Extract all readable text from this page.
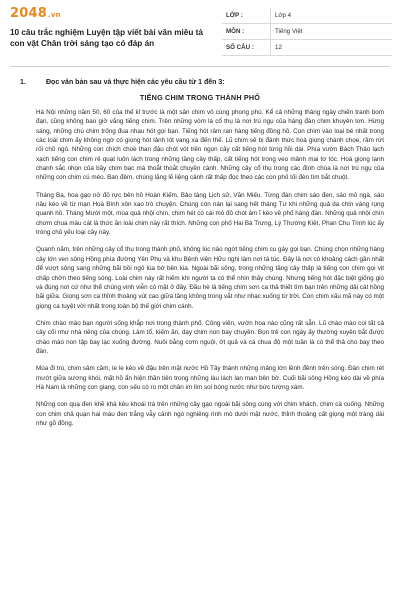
2048.vn
10 câu trắc nghiệm Luyện tập viết bài văn miêu tả con vật Chân trời sáng tạo có đáp án
LỚP :	Lớp 4
MÔN :	Tiếng Việt
SỐ CÂU :	12
1.	Đọc văn bản sau và thực hiện các yêu cầu từ 1 đến 3:
TIẾNG CHIM TRONG THÀNH PHỐ

Hà Nội những năm 50, 60 của thế kỉ trước là một sân chim vô cùng phong phú. Kể cả những tháng ngày chiến tranh bom đạn, cũng không bao giờ vắng tiếng chim. Trên những vòm lá cổ thụ là nơi trú ngụ của hàng đàn chim khuyên lơn. Hừng sáng, những chú chim trống đua nhau hót gọi bạn. Tiếng hót râm ran hàng tiếng đồng hồ. Con chim vào loại bé nhất trong các loài chim ấy không ngờ có giọng hót lảnh lót vang xa đến thế. Lũ chim sẻ bị đánh thức hoà giọng chành chọe, rầm rứt rối chồ ngủ. Những con chích choè than đậu chót vót trên ngọn cây cất tiếng hót từng hồi dài. Phía vườn Bách Thảo lạch xạch tiếng con chim rẻ quạt luôn lách trong những tầng cây thấp, cất tiếng hót trong veo mảnh mai tơ tóc. Hoà giọng lanh chanh sắc nhọn của bầy chim bạc má thoắt thoắt chuyền cành. Những cây cổ thụ trong các đình chùa là nơi trú ngụ của những con chim cú mèo. Ban đêm, chúng lặng lẽ liệng cánh rất thấp đọc theo các con phố tối đèn tìm bắt chuột.

Tháng Ba, hoa gạo nở đỏ rực bên hồ Hoàn Kiếm, Bảo tàng Lịch sử, Văn Miếu. Từng đàn chim sáo đen, sáo mỏ ngà, sáo nâu kéo về từ mạn Hoà Bình xôn xao trò chuyện. Chúng còn nán lại sang hết tháng Tư khi những quả da chín vàng rụng quanh hồ. Tháng Mười một, mùa quả nhội chín, chim hét có cái mỏ đỏ chót âm ĩ kéo về phố hàng đàn. Những quả nhội chín chơm chua màu cát là thức ăn loài chim này rất thích. Những con phố Hai Bà Trưng, Lý Thường Kiệt, Phan Chu Trinh lúc ấy tròng chủ yếu loại cây này.

Quanh năm, trên những cây cổ thụ trong thành phố, không lúc nào ngớt tiếng chim cu gáy gọi bạn. Chúng chọn những hàng cây lớn ven sông Hồng phía đường Yên Phụ và khu Bệnh viện Hữu nghị làm nơi tá túc. Đây là nơi có khoảng cách gần nhất để vượt sông sang những bãi bồi ngô lúa bờ bên kia. Ngoài bãi sông, trong những tầng cây thấp là tiếng con chim gọi vịt chấp chờn theo tiếng sóng. Loài chim này rất hiếm khi người ta có thể nhìn thấy chúng. Nhưng tiếng hót đặc biệt giống gió và đúng nơi cứ như thể chúng vinh viễn có mặt ở đây. Đầu hè là tiếng chim sơn ca thả thiết tìm bạn trên những dải cát hồng bãi giữa. Giọng sơn ca thỉnh thoảng vút cao giữa tầng không trong vắt như nhạc xuống từ trời. Con chim xấu mã này có một giọng ca tuyệt vời nhất trong toàn bộ thế giới chim cánh.

Chim chào mào bạn người sống khắp nơi trong thành phố. Công viên, vườn hoa nào cũng rất sẵn. Lũ chào mào coi tất cả cây cối như nhà riêng của chúng. Làm tổ, kiếm ăn, dạy chim non bay chuyền. Bọn trẻ con ngày ấy thường xuyên bắt được chào mào non tập bay lạc xuống đường. Nuôi bằng cơm nguội, ớt quả và cá chua độ một tuần là có thể thả cho bay theo đàn.

Mùa đi trú, chim sâm cầm, le le kéo về đậu trên mặt nước Hồ Tây thành những mảng lớn lềnh đềnh trên sóng. Đàn chim rét mướt giữa sương khói, mặt hồ ẩn hiện thần tiên trong những làu lách lan man bên bờ. Cuối bãi sông Hồng kéo dài về phía Hà Nam là những con giang, con sếu cò ro một chân im lìm soi bóng nước như bức tượng xám.

Những con quạ đen khề khà kêu khoái trá trên những cây gạo ngoài bãi sông cùng với chim khách, chim cà cuống. Những con chim chả quạn hai màu đen trắng vẫy cánh ngó nghiêng rình mò dưới mặt nước, thỉnh thoảng cất giọng một tràng dài như gõ đồng.
